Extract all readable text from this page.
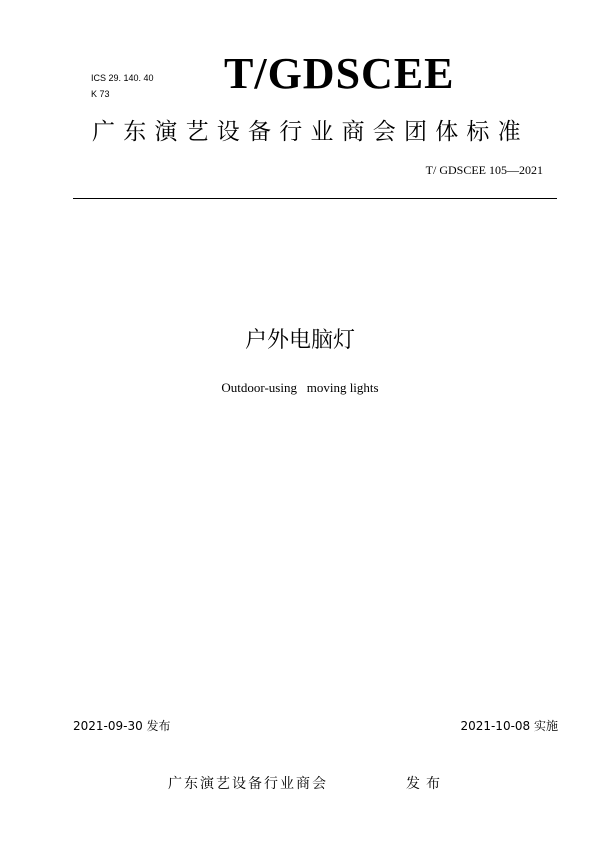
ICS 29. 140. 40
K 73	T/GDSCEE
广东演艺设备行业商会团体标准
T/ GDSCEE 105—2021
户外电脑灯
Outdoor-using   moving lights
2021-09-30 发布	2021-10-08 实施
广东演艺设备行业商会	发布
